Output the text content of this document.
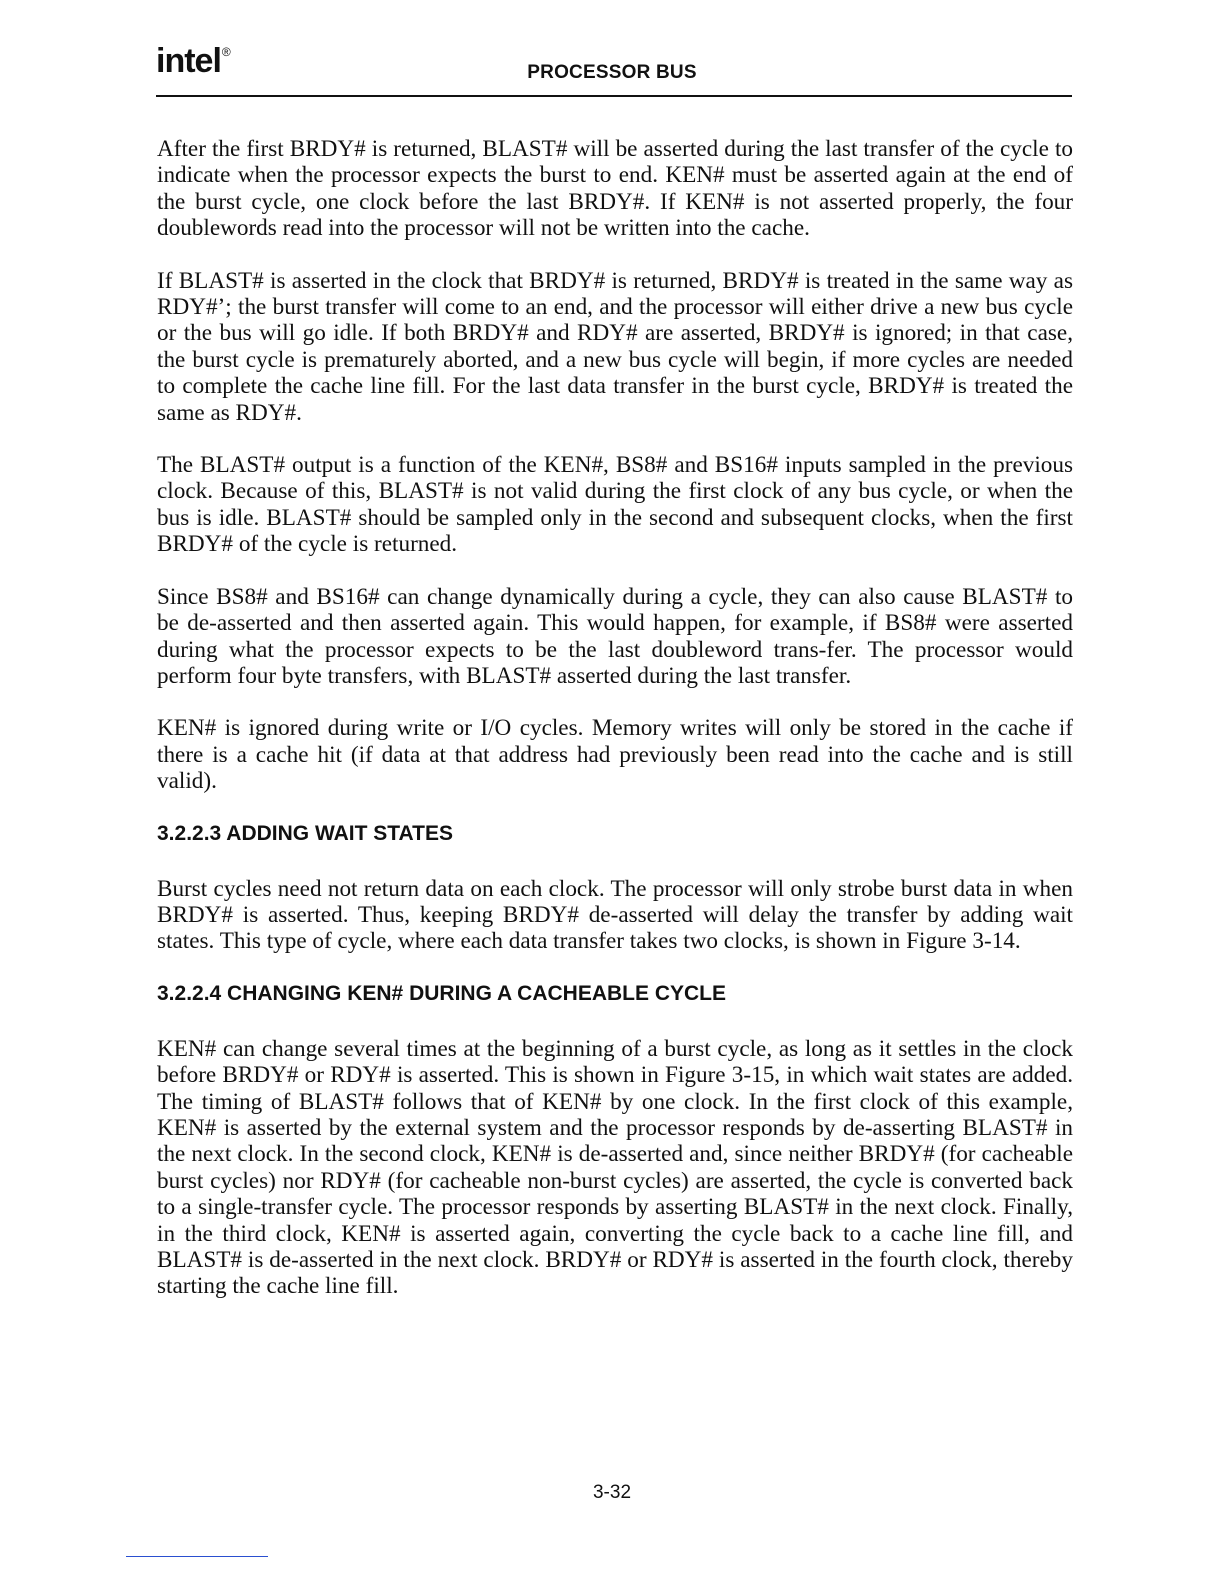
intel®
PROCESSOR BUS

After the first BRDY# is returned, BLAST# will be asserted during the last transfer of the cycle to indicate when the processor expects the burst to end. KEN# must be asserted again at the end of the burst cycle, one clock before the last BRDY#. If KEN# is not asserted properly, the four doublewords read into the processor will not be written into the cache.

If BLAST# is asserted in the clock that BRDY# is returned, BRDY# is treated in the same way as RDY#’; the burst transfer will come to an end, and the processor will either drive a new bus cycle or the bus will go idle. If both BRDY# and RDY# are asserted, BRDY# is ignored; in that case, the burst cycle is prematurely aborted, and a new bus cycle will begin, if more cycles are needed to complete the cache line fill. For the last data transfer in the burst cycle, BRDY# is treated the same as RDY#.

The BLAST# output is a function of the KEN#, BS8# and BS16# inputs sampled in the previous clock. Because of this, BLAST# is not valid during the first clock of any bus cycle, or when the bus is idle. BLAST# should be sampled only in the second and subsequent clocks, when the first BRDY# of the cycle is returned.

Since BS8# and BS16# can change dynamically during a cycle, they can also cause BLAST# to be de-asserted and then asserted again. This would happen, for example, if BS8# were asserted during what the processor expects to be the last doubleword trans-fer. The processor would perform four byte transfers, with BLAST# asserted during the last transfer.

KEN# is ignored during write or I/O cycles. Memory writes will only be stored in the cache if there is a cache hit (if data at that address had previously been read into the cache and is still valid).

3.2.2.3 ADDING WAIT STATES

Burst cycles need not return data on each clock. The processor will only strobe burst data in when BRDY# is asserted. Thus, keeping BRDY# de-asserted will delay the transfer by adding wait states. This type of cycle, where each data transfer takes two clocks, is shown in Figure 3-14.

3.2.2.4 CHANGING KEN# DURING A CACHEABLE CYCLE

KEN# can change several times at the beginning of a burst cycle, as long as it settles in the clock before BRDY# or RDY# is asserted. This is shown in Figure 3-15, in which wait states are added. The timing of BLAST# follows that of KEN# by one clock. In the first clock of this example, KEN# is asserted by the external system and the processor responds by de-asserting BLAST# in the next clock. In the second clock, KEN# is de-asserted and, since neither BRDY# (for cacheable burst cycles) nor RDY# (for cacheable non-burst cycles) are asserted, the cycle is converted back to a single-transfer cycle. The processor responds by asserting BLAST# in the next clock. Finally, in the third clock, KEN# is asserted again, converting the cycle back to a cache line fill, and BLAST# is de-asserted in the next clock. BRDY# or RDY# is asserted in the fourth clock, thereby starting the cache line fill.

3-32
